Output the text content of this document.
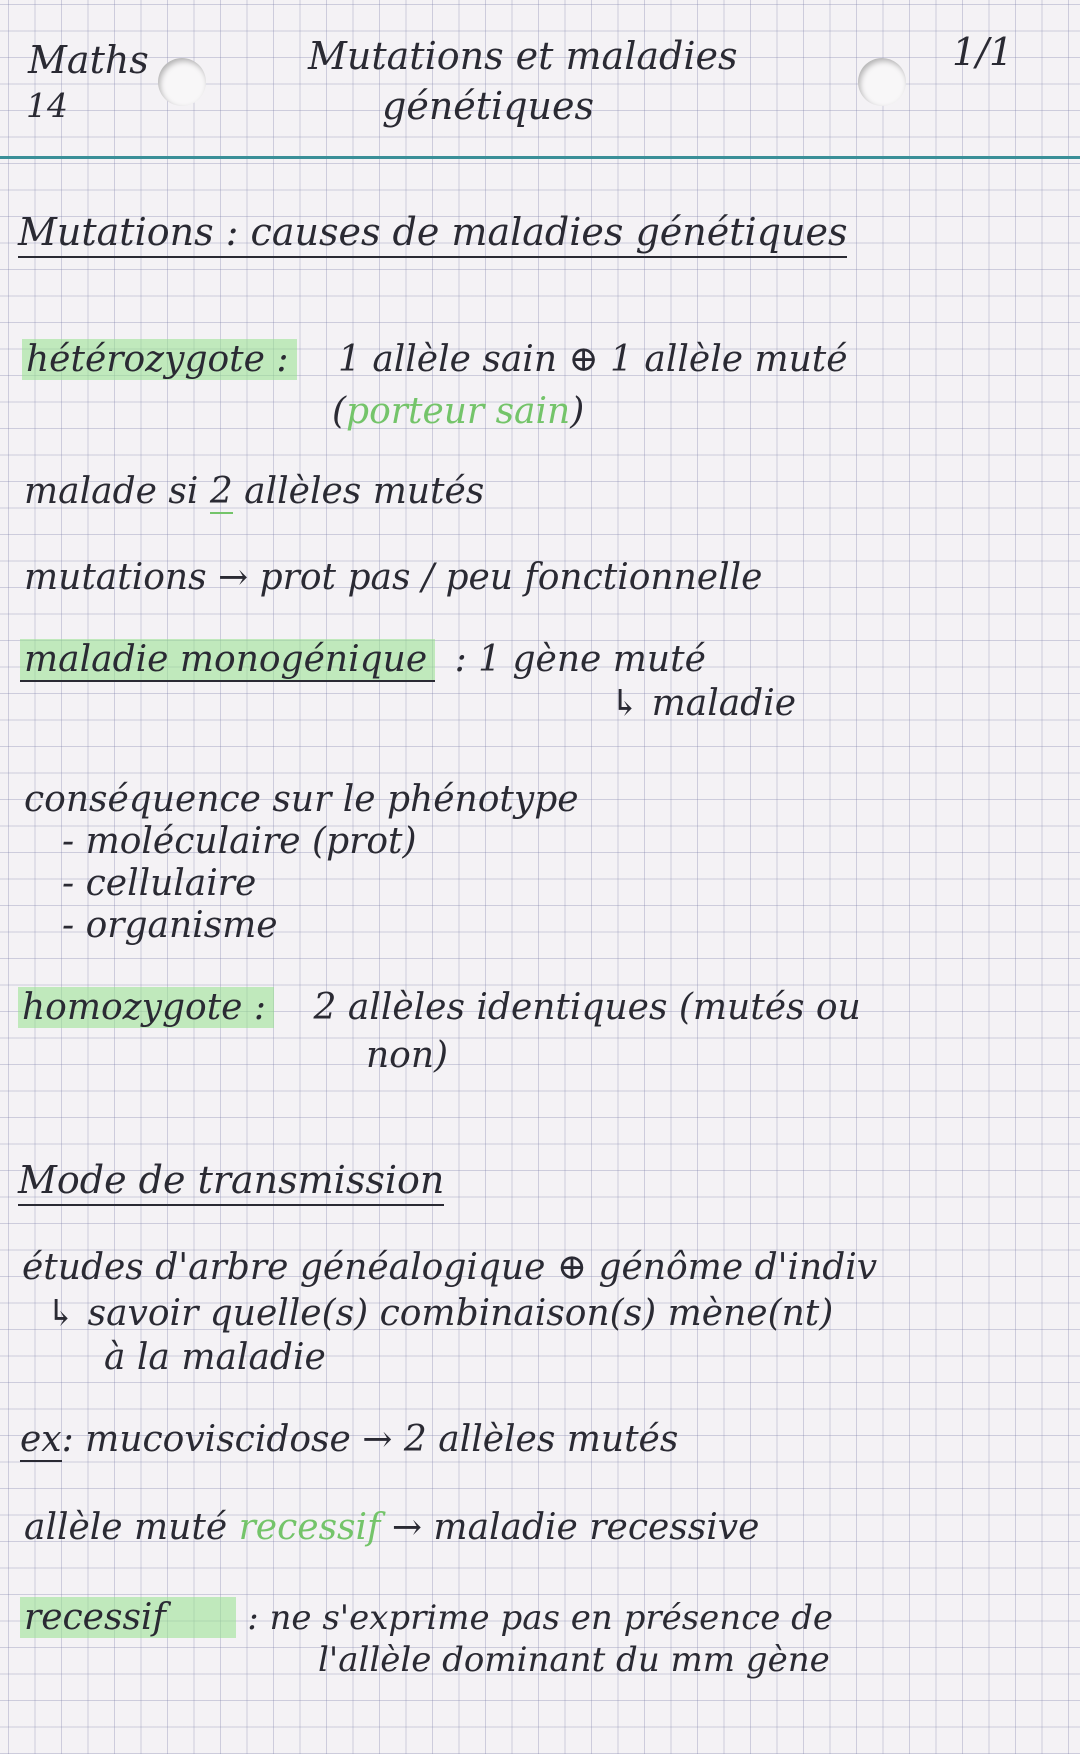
Maths

14

Mutations et maladies

génétiques

1/1

Mutations : causes de maladies génétiques

hétérozygote : 1 allèle sain ⊕ 1 allèle muté

(porteur sain)

malade si 2 allèles mutés

mutations → prot pas / peu fonctionnelle

maladie monogénique : 1 gène muté

↳ maladie

conséquence sur le phénotype

- moléculaire (prot)

- cellulaire

- organisme

homozygote : 2 allèles identiques (mutés ou

non)

Mode de transmission

études d'arbre généalogique ⊕ génôme d'indiv

↳ savoir quelle(s) combinaison(s) mène(nt)

à la maladie

ex: mucoviscidose → 2 allèles mutés

allèle muté recessif → maladie recessive

recessif : ne s'exprime pas en présence de

l'allèle dominant du mm gène
